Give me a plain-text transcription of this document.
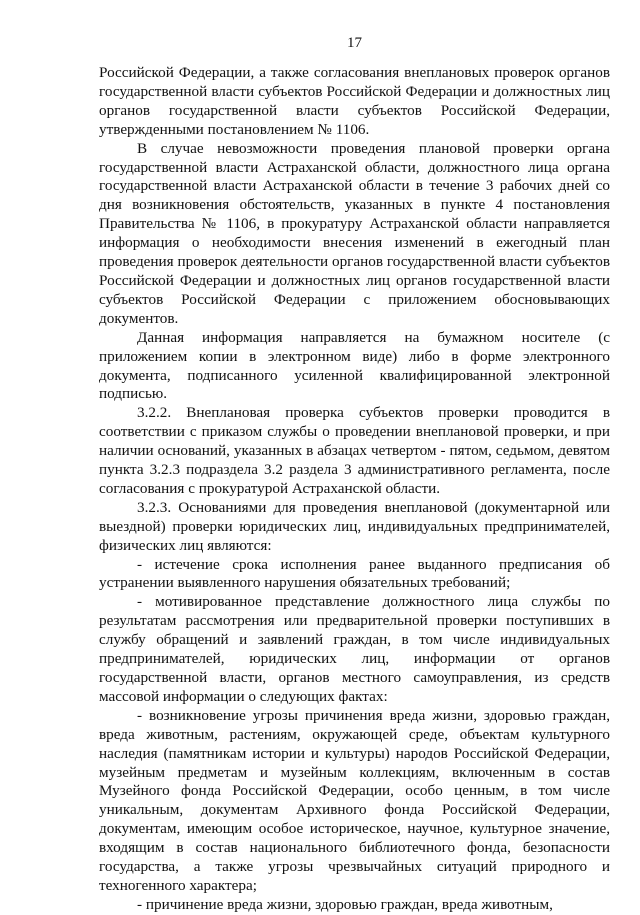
17

Российской Федерации, а также согласования внеплановых проверок органов государственной власти субъектов Российской Федерации и должностных лиц органов государственной власти субъектов Российской Федерации, утвержденными постановлением № 1106.

В случае невозможности проведения плановой проверки органа государственной власти Астраханской области, должностного лица органа государственной власти Астраханской области в течение 3 рабочих дней со дня возникновения обстоятельств, указанных в пункте 4 постановления Правительства № 1106, в прокуратуру Астраханской области направляется информация о необходимости внесения изменений в ежегодный план проведения проверок деятельности органов государственной власти субъектов Российской Федерации и должностных лиц органов государственной власти субъектов Российской Федерации с приложением обосновывающих документов.

Данная информация направляется на бумажном носителе (с приложением копии в электронном виде) либо в форме электронного документа, подписанного усиленной квалифицированной электронной подписью.

3.2.2. Внеплановая проверка субъектов проверки проводится в соответствии с приказом службы о проведении внеплановой проверки, и при наличии оснований, указанных в абзацах четвертом - пятом, седьмом, девятом пункта 3.2.3 подраздела 3.2 раздела 3 административного регламента, после согласования с прокуратурой Астраханской области.

3.2.3. Основаниями для проведения внеплановой (документарной или выездной) проверки юридических лиц, индивидуальных предпринимателей, физических лиц являются:

- истечение срока исполнения ранее выданного предписания об устранении выявленного нарушения обязательных требований;

- мотивированное представление должностного лица службы по результатам рассмотрения или предварительной проверки поступивших в службу обращений и заявлений граждан, в том числе индивидуальных предпринимателей, юридических лиц, информации от органов государственной власти, органов местного самоуправления, из средств массовой информации о следующих фактах:

- возникновение угрозы причинения вреда жизни, здоровью граждан, вреда животным, растениям, окружающей среде, объектам культурного наследия (памятникам истории и культуры) народов Российской Федерации, музейным предметам и музейным коллекциям, включенным в состав Музейного фонда Российской Федерации, особо ценным, в том числе уникальным, документам Архивного фонда Российской Федерации, документам, имеющим особое историческое, научное, культурное значение, входящим в состав национального библиотечного фонда, безопасности государства, а также угрозы чрезвычайных ситуаций природного и техногенного характера;

- причинение вреда жизни, здоровью граждан, вреда животным,
